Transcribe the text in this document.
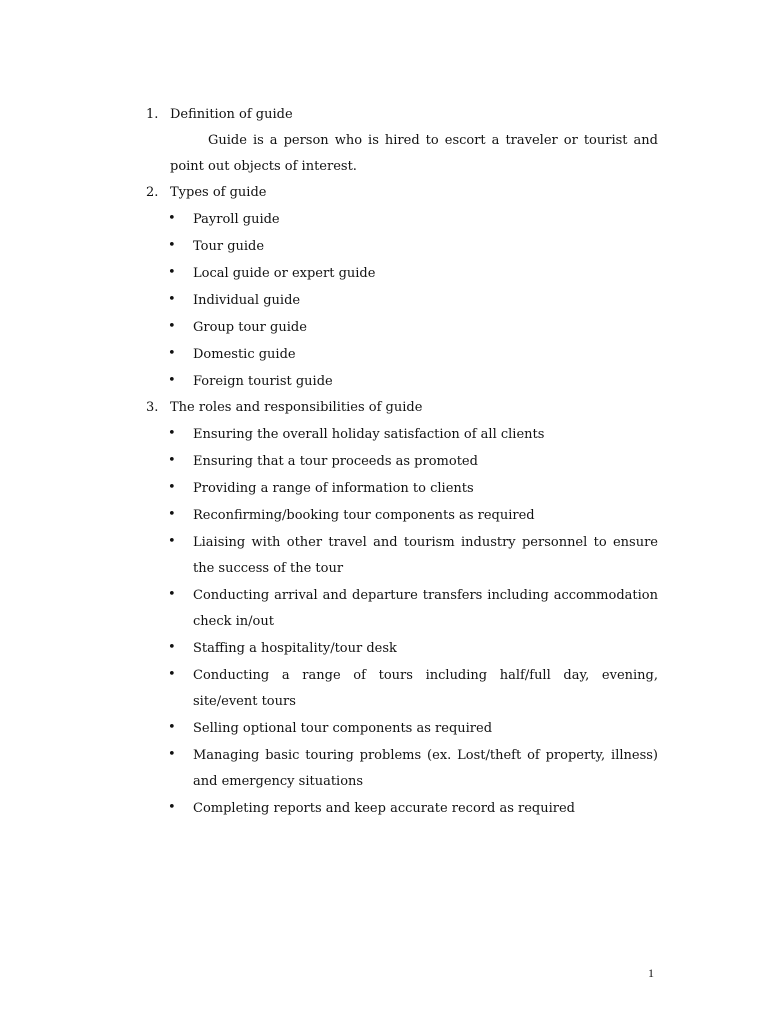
1. Definition of guide
Guide is a person who is hired to escort a traveler or tourist and point out objects of interest.
2. Types of guide
• Payroll guide
• Tour guide
• Local guide or expert guide
• Individual guide
• Group tour guide
• Domestic guide
• Foreign tourist guide
3. The roles and responsibilities of guide
• Ensuring the overall holiday satisfaction of all clients
• Ensuring that a tour proceeds as promoted
• Providing a range of information to clients
• Reconfirming/booking tour components as required
• Liaising with other travel and tourism industry personnel to ensure the success of the tour
• Conducting arrival and departure transfers including accommodation check in/out
• Staffing a hospitality/tour desk
• Conducting a range of tours including half/full day, evening, site/event tours
• Selling optional tour components as required
• Managing basic touring problems (ex. Lost/theft of property, illness) and emergency situations
• Completing reports and keep accurate record as required
1
